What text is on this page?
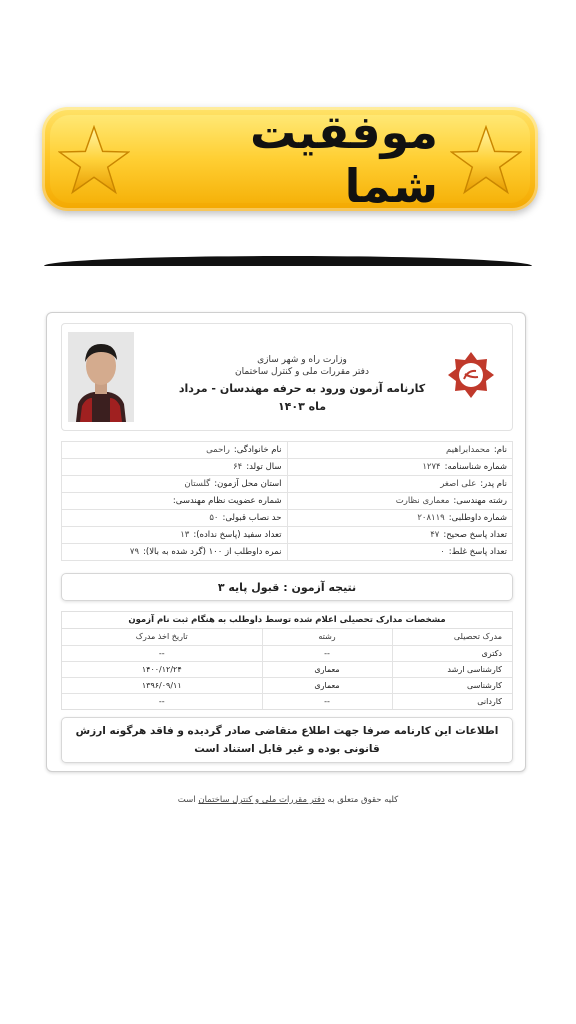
موفقیت شما
وزارت راه و شهر سازی
دفتر مقررات ملی و کنترل ساختمان
کارنامه آزمون ورود به حرفه مهندسان - مرداد ماه ۱۴۰۳
نام:محمدابراهیم	نام خانوادگی:راحمی
شماره شناسنامه:۱۲۷۴	سال تولد:۶۴
نام پدر:علی اصغر	استان محل آزمون:گلستان
رشته مهندسی:معماری نظارت	شماره عضویت نظام مهندسی:
شماره داوطلبی:۲۰۸۱۱۹	حد نصاب قبولی:۵۰
تعداد پاسخ صحیح:۴۷	تعداد سفید (پاسخ نداده):۱۳
تعداد پاسخ غلط:۰	نمره داوطلب از ۱۰۰ (گرد شده به بالا):۷۹
نتیجه آزمون : قبول پایه ۳
مشخصات مدارک تحصیلی اعلام شده توسط داوطلب به هنگام ثبت نام آزمون
مدرک تحصیلی	رشته	تاریخ اخذ مدرک
دکتری	--	--
کارشناسی ارشد	معماری	۱۴۰۰/۱۲/۲۴
کارشناسی	معماری	۱۳۹۶/۰۹/۱۱
کاردانی	--	--
اطلاعات این کارنامه صرفا جهت اطلاع متقاضی صادر گردیده و فاقد هرگونه ارزش قانونی بوده و غیر قابل استناد است
کلیه حقوق متعلق به دفتر مقررات ملی و کنترل ساختمان است
